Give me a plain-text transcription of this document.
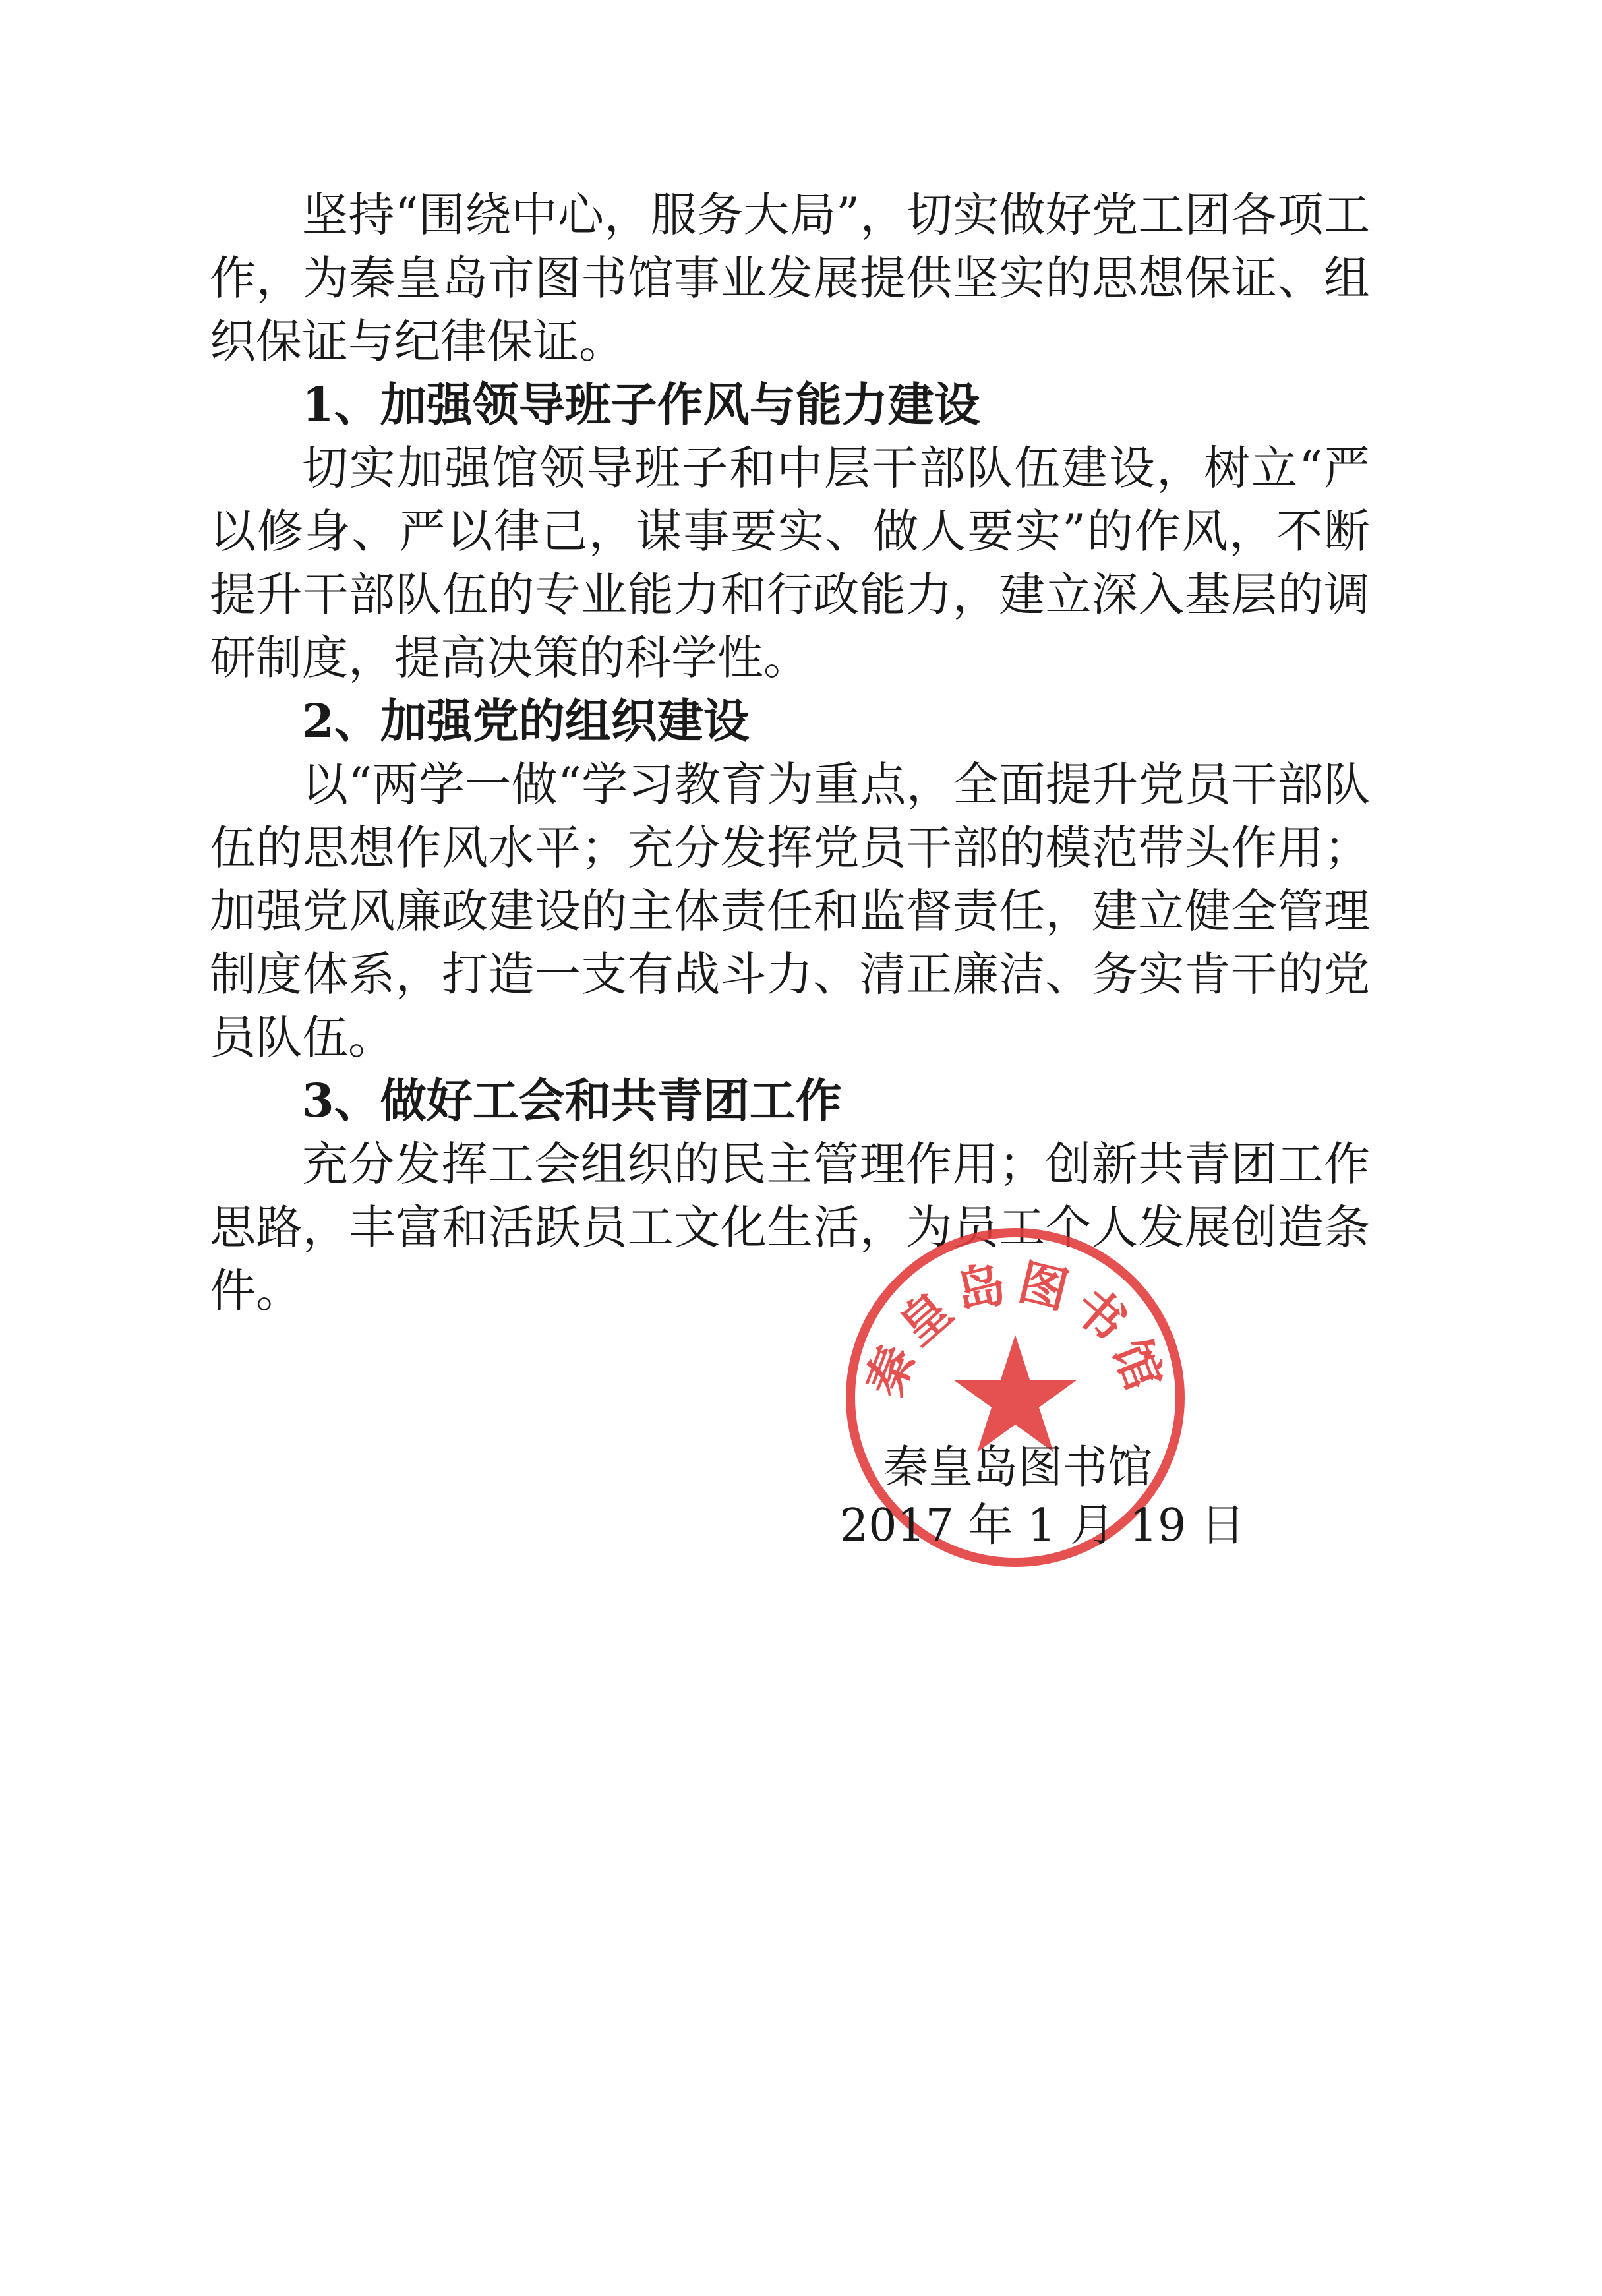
坚持“围绕中心，服务大局”，切实做好党工团各项工作，为秦皇岛市图书馆事业发展提供坚实的思想保证、组织保证与纪律保证。

1、加强领导班子作风与能力建设

切实加强馆领导班子和中层干部队伍建设，树立“严以修身、严以律己，谋事要实、做人要实”的作风，不断提升干部队伍的专业能力和行政能力，建立深入基层的调研制度，提高决策的科学性。

2、加强党的组织建设

以“两学一做“学习教育为重点，全面提升党员干部队伍的思想作风水平；充分发挥党员干部的模范带头作用；加强党风廉政建设的主体责任和监督责任，建立健全管理制度体系，打造一支有战斗力、清正廉洁、务实肯干的党员队伍。

3、做好工会和共青团工作

充分发挥工会组织的民主管理作用；创新共青团工作思路，丰富和活跃员工文化生活，为员工个人发展创造条件。

秦皇岛图书馆
秦皇岛图书馆
2017 年 1 月 19 日
